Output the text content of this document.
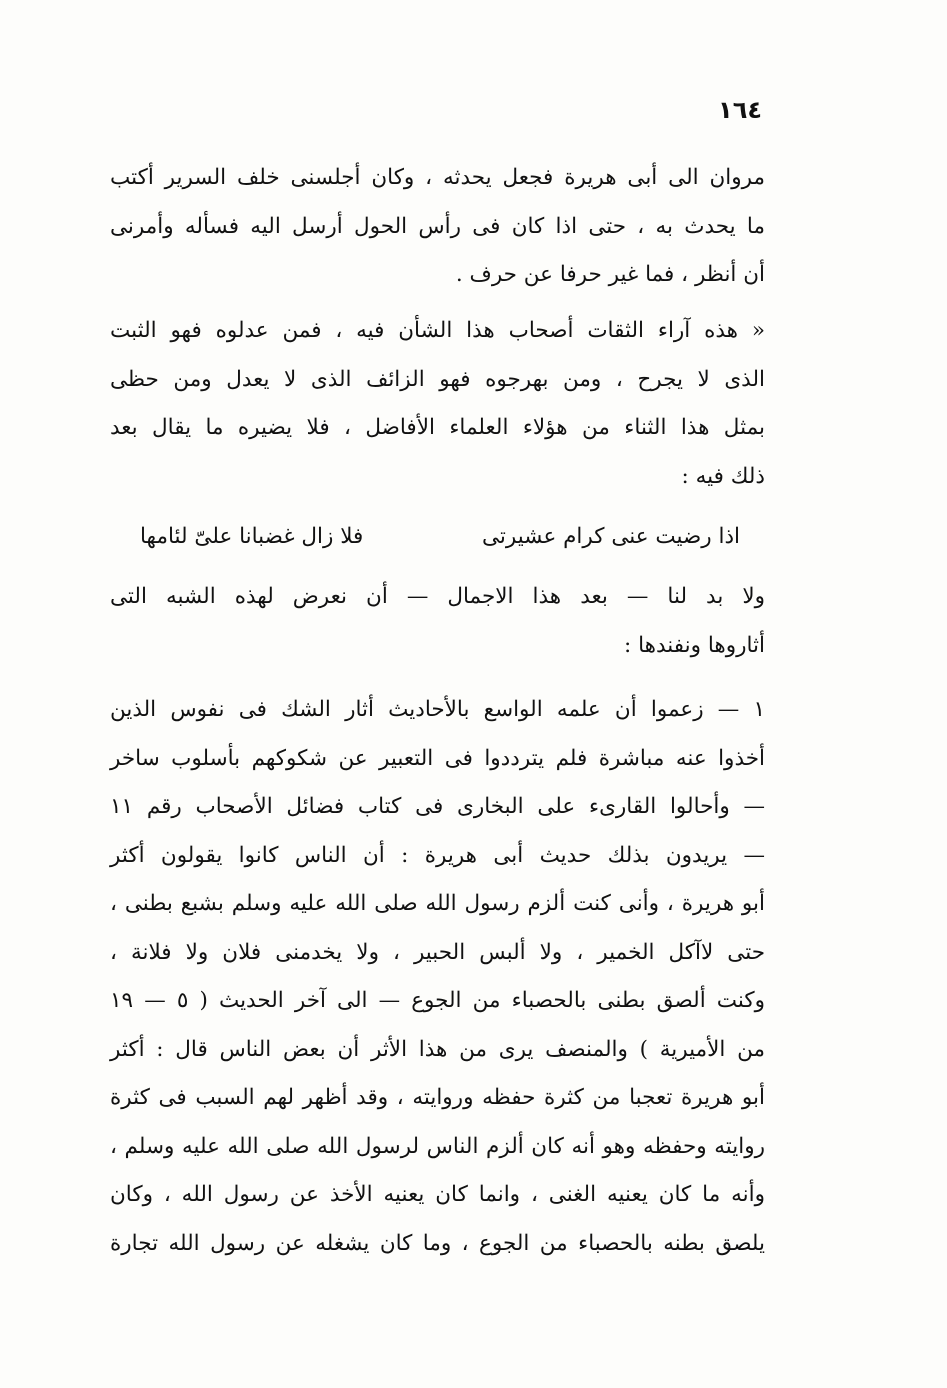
١٦٤
مروان الى أبى هريرة فجعل يحدثه ، وكان أجلسنى خلف السرير أكتب
ما يحدث به ، حتى اذا كان فى رأس الحول أرسل اليه فسأله وأمرنى
أن أنظر ، فما غير حرفا عن حرف .
« هذه آراء الثقات أصحاب هذا الشأن فيه ، فمن عدلوه فهو الثبت
الذى لا يجرح ، ومن بهرجوه فهو الزائف الذى لا يعدل ومن حظى
بمثل هذا الثناء من هؤلاء العلماء الأفاضل ، فلا يضيره ما يقال بعد
ذلك فيه :
اذا رضيت عنى كرام عشيرتى
فلا زال غضبانا علىّ لئامها
ولا بد لنا — بعد هذا الاجمال — أن نعرض لهذه الشبه التى
أثاروها ونفندها :
١ — زعموا أن علمه الواسع بالأحاديث أثار الشك فى نفوس الذين
أخذوا عنه مباشرة فلم يترددوا فى التعبير عن شكوكهم بأسلوب ساخر
— وأحالوا القارىء على البخارى فى كتاب فضائل الأصحاب رقم ١١
— يريدون بذلك حديث أبى هريرة : أن الناس كانوا يقولون أكثر
أبو هريرة ، وأنى كنت ألزم رسول الله صلى الله عليه وسلم بشبع بطنى ،
حتى لاآكل الخمير ، ولا ألبس الحبير ، ولا يخدمنى فلان ولا فلانة ،
وكنت ألصق بطنى بالحصباء من الجوع — الى آخر الحديث ( ٥ — ١٩
من الأميرية ) والمنصف يرى من هذا الأثر أن بعض الناس قال : أكثر
أبو هريرة تعجبا من كثرة حفظه وروايته ، وقد أظهر لهم السبب فى كثرة
روايته وحفظه وهو أنه كان ألزم الناس لرسول الله صلى الله عليه وسلم ،
وأنه ما كان يعنيه الغنى ، وانما كان يعنيه الأخذ عن رسول الله ، وكان
يلصق بطنه بالحصباء من الجوع ، وما كان يشغله عن رسول الله تجارة
